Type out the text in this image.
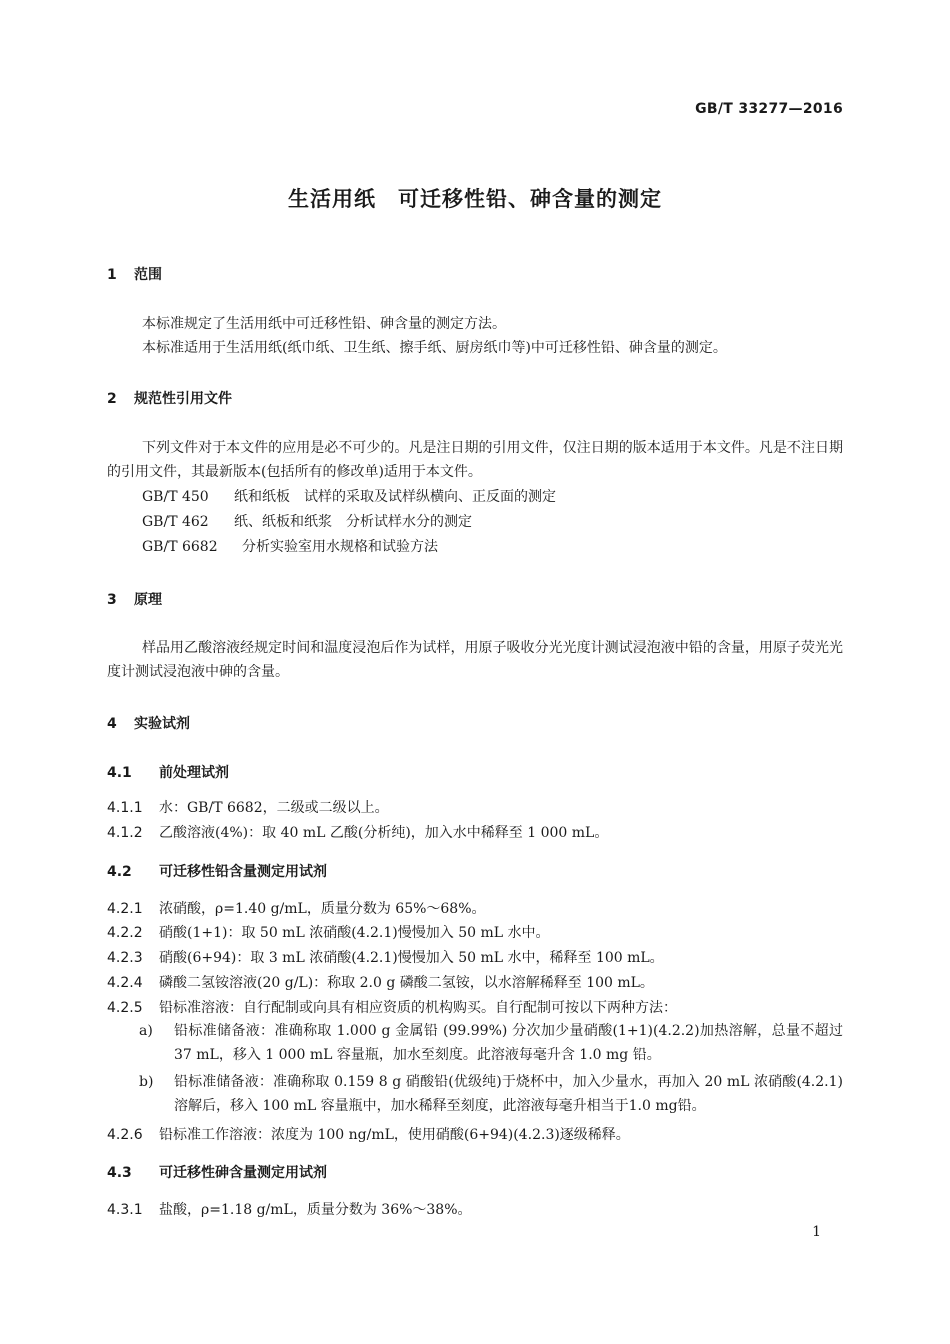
GB/T 33277—2016
生活用纸　可迁移性铅、砷含量的测定
1 范围
本标准规定了生活用纸中可迁移性铅、砷含量的测定方法。
本标准适用于生活用纸(纸巾纸、卫生纸、擦手纸、厨房纸巾等)中可迁移性铅、砷含量的测定。
2 规范性引用文件
下列文件对于本文件的应用是必不可少的。凡是注日期的引用文件，仅注日期的版本适用于本文件。凡是不注日期的引用文件，其最新版本(包括所有的修改单)适用于本文件。
GB/T 450 纸和纸板　试样的采取及试样纵横向、正反面的测定
GB/T 462 纸、纸板和纸浆　分析试样水分的测定
GB/T 6682 分析实验室用水规格和试验方法
3 原理
样品用乙酸溶液经规定时间和温度浸泡后作为试样，用原子吸收分光光度计测试浸泡液中铅的含量，用原子荧光光度计测试浸泡液中砷的含量。
4 实验试剂
4.1 前处理试剂
4.1.1 水：GB/T 6682，二级或二级以上。
4.1.2 乙酸溶液(4%)：取 40 mL 乙酸(分析纯)，加入水中稀释至 1 000 mL。
4.2 可迁移性铅含量测定用试剂
4.2.1 浓硝酸，ρ=1.40 g/mL，质量分数为 65%～68%。
4.2.2 硝酸(1+1)：取 50 mL 浓硝酸(4.2.1)慢慢加入 50 mL 水中。
4.2.3 硝酸(6+94)：取 3 mL 浓硝酸(4.2.1)慢慢加入 50 mL 水中，稀释至 100 mL。
4.2.4 磷酸二氢铵溶液(20 g/L)：称取 2.0 g 磷酸二氢铵，以水溶解稀释至 100 mL。
4.2.5 铅标准溶液：自行配制或向具有相应资质的机构购买。自行配制可按以下两种方法：
a) 铅标准储备液：准确称取 1.000 g 金属铅 (99.99%) 分次加少量硝酸(1+1)(4.2.2)加热溶解，总量不超过 37 mL，移入 1 000 mL 容量瓶，加水至刻度。此溶液每毫升含 1.0 mg 铅。
b) 铅标准储备液：准确称取 0.159 8 g 硝酸铅(优级纯)于烧杯中，加入少量水，再加入 20 mL 浓硝酸(4.2.1)溶解后，移入 100 mL 容量瓶中，加水稀释至刻度，此溶液每毫升相当于1.0 mg铅。
4.2.6 铅标准工作溶液：浓度为 100 ng/mL，使用硝酸(6+94)(4.2.3)逐级稀释。
4.3 可迁移性砷含量测定用试剂
4.3.1 盐酸，ρ=1.18 g/mL，质量分数为 36%～38%。
1
